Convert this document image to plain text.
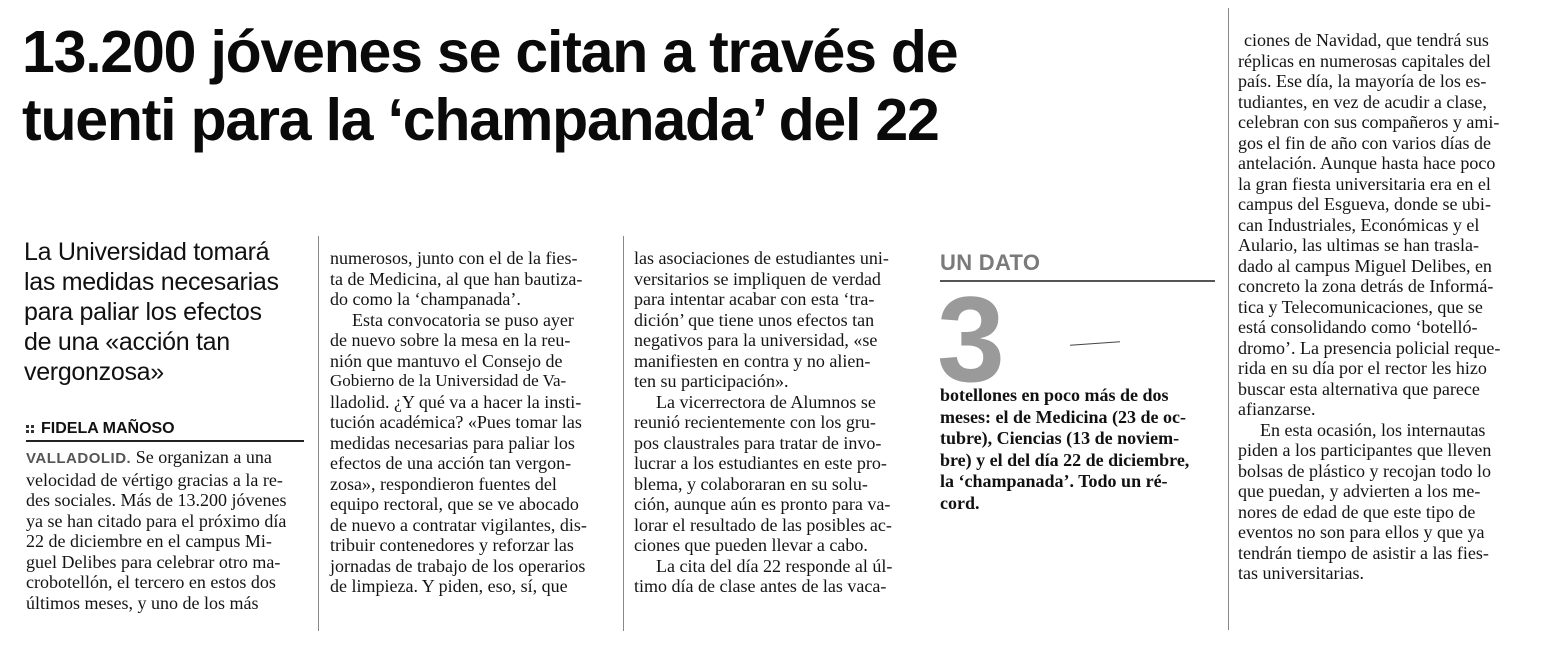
13.200 jóvenes se citan a través de
tuenti para la ‘champanada’ del 22
La Universidad tomará
las medidas necesarias
para paliar los efectos
de una «acción tan
vergonzosa»
FIDELA MAÑOSO
VALLADOLID. Se organizan a una
velocidad de vértigo gracias a la re-
des sociales. Más de 13.200 jóvenes
ya se han citado para el próximo día
22 de diciembre en el campus Mi-
guel Delibes para celebrar otro ma-
crobotellón, el tercero en estos dos
últimos meses, y uno de los más
numerosos, junto con el de la fies-
ta de Medicina, al que han bautiza-
do como la ‘champanada’.
Esta convocatoria se puso ayer
de nuevo sobre la mesa en la reu-
nión que mantuvo el Consejo de
Gobierno de la Universidad de Va-
lladolid. ¿Y qué va a hacer la insti-
tución académica? «Pues tomar las
medidas necesarias para paliar los
efectos de una acción tan vergon-
zosa», respondieron fuentes del
equipo rectoral, que se ve abocado
de nuevo a contratar vigilantes, dis-
tribuir contenedores y reforzar las
jornadas de trabajo de los operarios
de limpieza. Y piden, eso, sí, que
las asociaciones de estudiantes uni-
versitarios se impliquen de verdad
para intentar acabar con esta ‘tra-
dición’ que tiene unos efectos tan
negativos para la universidad, «se
manifiesten en contra y no alien-
ten su participación».
La vicerrectora de Alumnos se
reunió recientemente con los gru-
pos claustrales para tratar de invo-
lucrar a los estudiantes en este pro-
blema, y colaboraran en su solu-
ción, aunque aún es pronto para va-
lorar el resultado de las posibles ac-
ciones que pueden llevar a cabo.
La cita del día 22 responde al úl-
timo día de clase antes de las vaca-
UN DATO
3
botellones en poco más de dos
meses: el de Medicina (23 de oc-
tubre), Ciencias (13 de noviem-
bre) y el del día 22 de diciembre,
la ‘champanada’. Todo un ré-
cord.
ciones de Navidad, que tendrá sus
réplicas en numerosas capitales del
país. Ese día, la mayoría de los es-
tudiantes, en vez de acudir a clase,
celebran con sus compañeros y ami-
gos el fin de año con varios días de
antelación. Aunque hasta hace poco
la gran fiesta universitaria era en el
campus del Esgueva, donde se ubi-
can Industriales, Económicas y el
Aulario, las ultimas se han trasla-
dado al campus Miguel Delibes, en
concreto la zona detrás de Informá-
tica y Telecomunicaciones, que se
está consolidando como ‘botelló-
dromo’. La presencia policial reque-
rida en su día por el rector les hizo
buscar esta alternativa que parece
afianzarse.
En esta ocasión, los internautas
piden a los participantes que lleven
bolsas de plástico y recojan todo lo
que puedan, y advierten a los me-
nores de edad de que este tipo de
eventos no son para ellos y que ya
tendrán tiempo de asistir a las fies-
tas universitarias.
